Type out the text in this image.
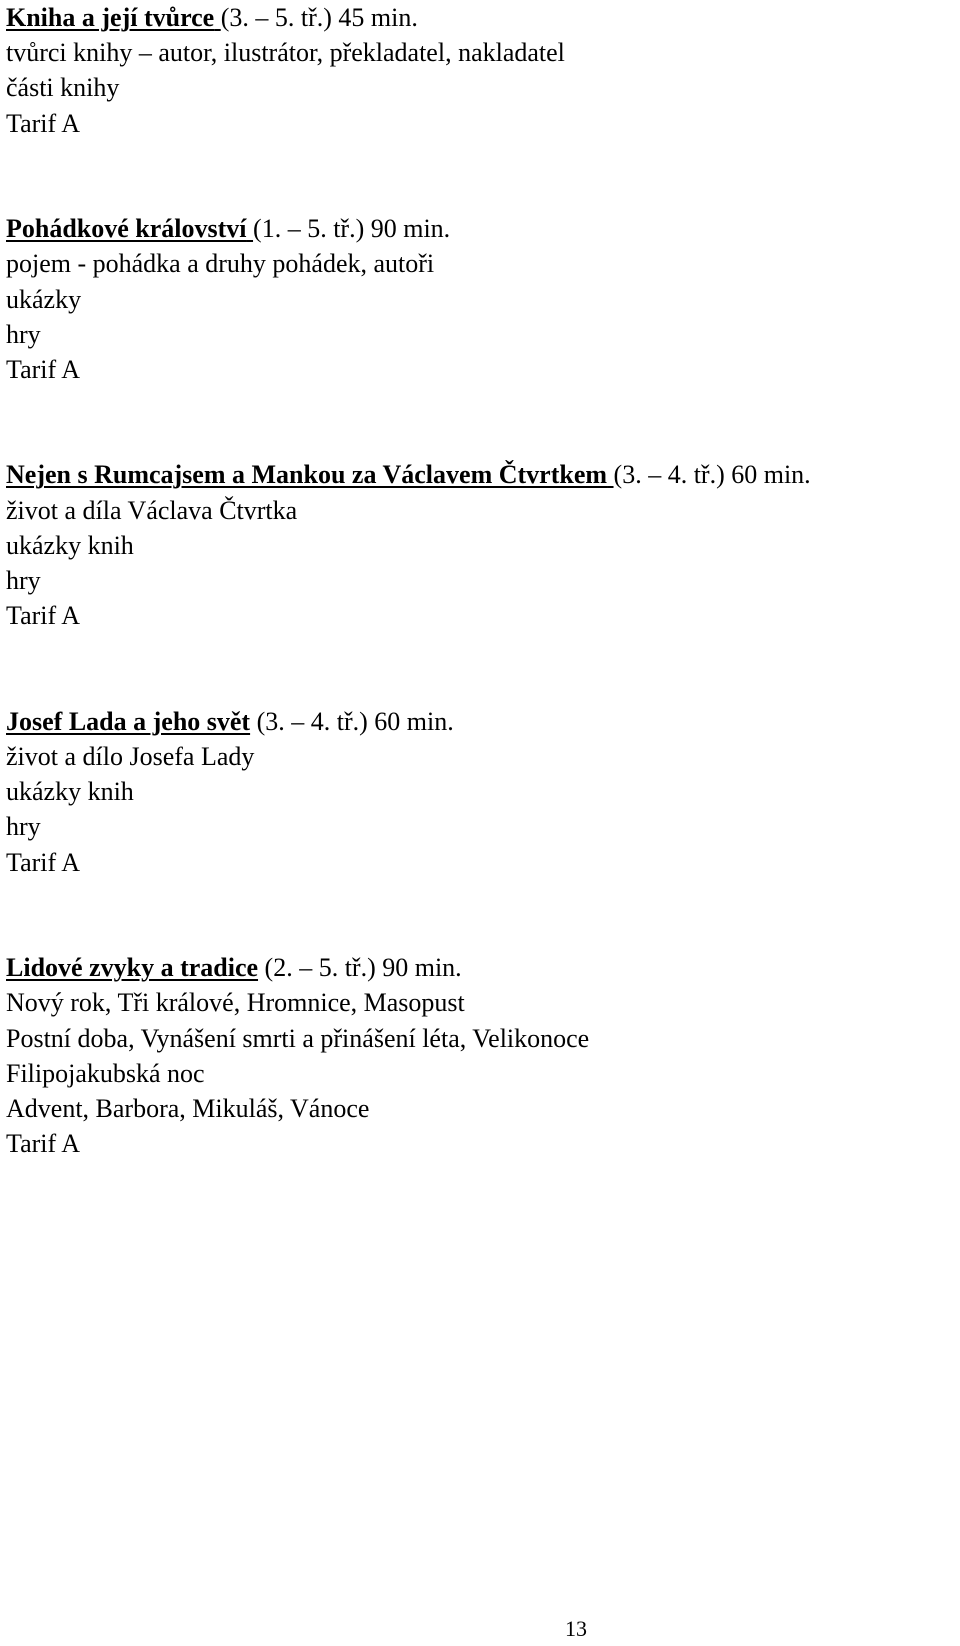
Kniha a její tvůrce (3. – 5. tř.) 45 min.
tvůrci knihy – autor, ilustrátor, překladatel, nakladatel
části knihy
Tarif A
Pohádkové království (1. – 5. tř.) 90 min.
pojem - pohádka a druhy pohádek, autoři
ukázky
hry
Tarif A
Nejen s Rumcajsem a Mankou za Václavem Čtvrtkem (3. – 4. tř.) 60 min.
život a díla Václava Čtvrtka
ukázky knih
hry
Tarif A
Josef Lada a jeho svět (3. – 4. tř.) 60 min.
život a dílo Josefa Lady
ukázky knih
hry
Tarif A
Lidové zvyky a tradice (2. – 5. tř.) 90 min.
Nový rok, Tři králové, Hromnice, Masopust
Postní doba, Vynášení smrti a přinášení léta, Velikonoce
Filipojakubská noc
Advent, Barbora, Mikuláš, Vánoce
Tarif A
13
